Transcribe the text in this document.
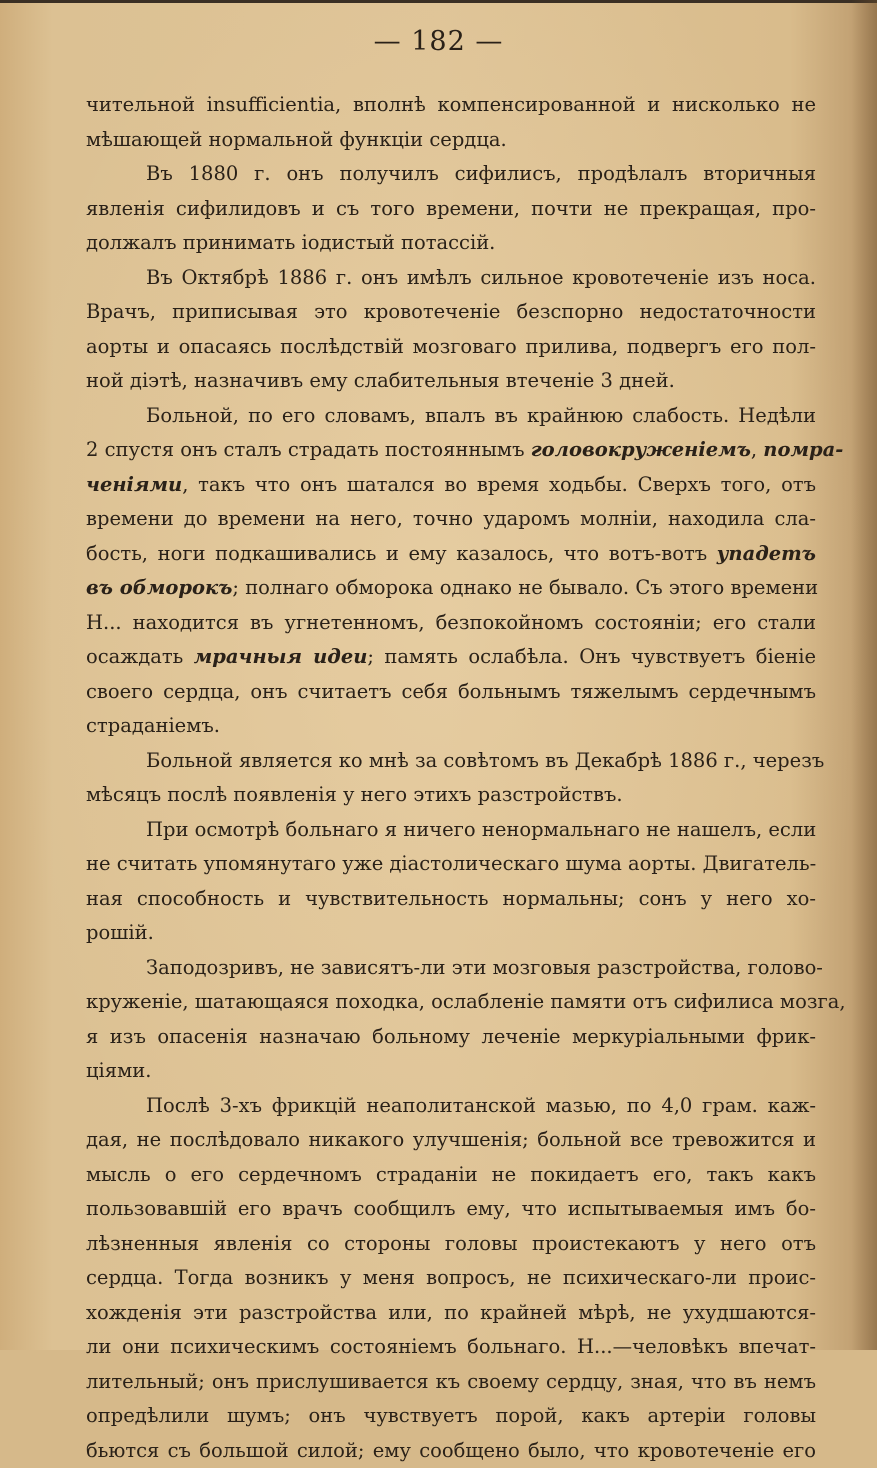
— 182 —
чительной insufficientia, вполнѣ компенсированной и нисколько не
мѣшающей нормальной функціи сердца.
Въ 1880 г. онъ получилъ сифилисъ, продѣлалъ вторичныя
явленія сифилидовъ и съ того времени, почти не прекращая, про-
должалъ принимать іодистый потассій.
Въ Октябрѣ 1886 г. онъ имѣлъ сильное кровотеченіе изъ носа.
Врачъ, приписывая это кровотеченіе безспорно недостаточности
аорты и опасаясь послѣдствій мозговаго прилива, подвергъ его пол-
ной діэтѣ, назначивъ ему слабительныя втеченіе 3 дней.
Больной, по его словамъ, впалъ въ крайнюю слабость. Недѣли
2 спустя онъ сталъ страдать постояннымъ головокруженіемъ, помра-
ченіями, такъ что онъ шатался во время ходьбы. Сверхъ того, отъ
времени до времени на него, точно ударомъ молніи, находила сла-
бость, ноги подкашивались и ему казалось, что вотъ-вотъ упадетъ
въ обморокъ; полнаго обморока однако не бывало. Съ этого времени
Н... находится въ угнетенномъ, безпокойномъ состояніи; его стали
осаждать мрачныя идеи; память ослабѣла. Онъ чувствуетъ біеніе
своего сердца, онъ считаетъ себя больнымъ тяжелымъ сердечнымъ
страданіемъ.
Больной является ко мнѣ за совѣтомъ въ Декабрѣ 1886 г., черезъ
мѣсяцъ послѣ появленія у него этихъ разстройствъ.
При осмотрѣ больнаго я ничего ненормальнаго не нашелъ, если
не считать упомянутаго уже діастолическаго шума аорты. Двигатель-
ная способность и чувствительность нормальны; сонъ у него хо-
рошій.
Заподозривъ, не зависятъ-ли эти мозговыя разстройства, голово-
круженіе, шатающаяся походка, ослабленіе памяти отъ сифилиса мозга,
я изъ опасенія назначаю больному леченіе меркуріальными фрик-
ціями.
Послѣ 3-хъ фрикцій неаполитанской мазью, по 4,0 грам. каж-
дая, не послѣдовало никакого улучшенія; больной все тревожится и
мысль о его сердечномъ страданіи не покидаетъ его, такъ какъ
пользовавшій его врачъ сообщилъ ему, что испытываемыя имъ бо-
лѣзненныя явленія со стороны головы проистекаютъ у него отъ
сердца. Тогда возникъ у меня вопросъ, не психическаго-ли проис-
хожденія эти разстройства или, по крайней мѣрѣ, не ухудшаются-
ли они психическимъ состояніемъ больнаго. Н...—человѣкъ впечат-
лительный; онъ прислушивается къ своему сердцу, зная, что въ немъ
опредѣлили шумъ; онъ чувствуетъ порой, какъ артеріи головы
бьются съ большой силой; ему сообщено было, что кровотеченіе его
